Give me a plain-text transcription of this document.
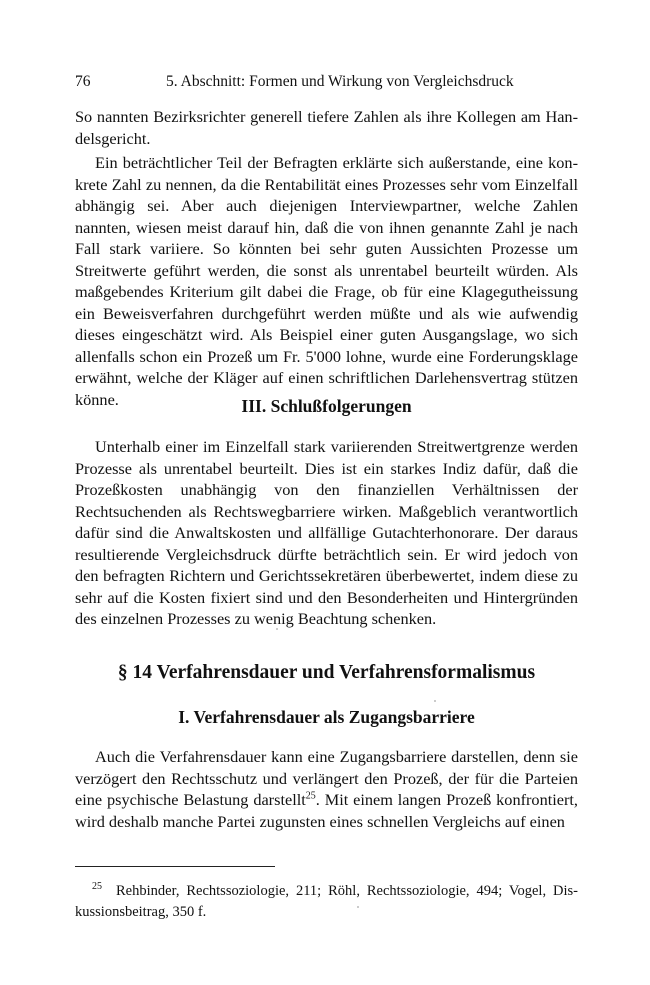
76	5. Abschnitt: Formen und Wirkung von Vergleichsdruck

So nannten Bezirksrichter generell tiefere Zahlen als ihre Kollegen am Handelsgericht.

Ein beträchtlicher Teil der Befragten erklärte sich außerstande, eine konkrete Zahl zu nennen, da die Rentabilität eines Prozesses sehr vom Einzelfall abhängig sei. Aber auch diejenigen Interviewpartner, welche Zahlen nannten, wiesen meist darauf hin, daß die von ihnen genannte Zahl je nach Fall stark variiere. So könnten bei sehr guten Aussichten Prozesse um Streitwerte geführt werden, die sonst als unrentabel beurteilt würden. Als maßgebendes Kriterium gilt dabei die Frage, ob für eine Klagegutheissung ein Beweisverfahren durchgeführt werden müßte und als wie aufwendig dieses eingeschätzt wird. Als Beispiel einer guten Ausgangslage, wo sich allenfalls schon ein Prozeß um Fr. 5'000 lohne, wurde eine Forderungsklage erwähnt, welche der Kläger auf einen schriftlichen Darlehensvertrag stützen könne.	III. Schlußfolgerungen

Unterhalb einer im Einzelfall stark variierenden Streitwertgrenze werden Prozesse als unrentabel beurteilt. Dies ist ein starkes Indiz dafür, daß die Prozeßkosten unabhängig von den finanziellen Verhältnissen der Rechtsuchenden als Rechtswegbarriere wirken. Maßgeblich verantwortlich dafür sind die Anwaltskosten und allfällige Gutachterhonorare. Der daraus resultierende Vergleichsdruck dürfte beträchtlich sein. Er wird jedoch von den befragten Richtern und Gerichtssekretären überbewertet, indem diese zu sehr auf die Kosten fixiert sind und den Besonderheiten und Hintergründen des einzelnen Prozesses zu wenig Beachtung schenken.

§ 14 Verfahrensdauer und Verfahrensformalismus
I. Verfahrensdauer als Zugangsbarriere

Auch die Verfahrensdauer kann eine Zugangsbarriere darstellen, denn sie verzögert den Rechtsschutz und verlängert den Prozeß, der für die Parteien eine psychische Belastung darstellt$^{25}$. Mit einem langen Prozeß konfrontiert, wird deshalb manche Partei zugunsten eines schnellen Vergleichs auf einen

$^{25}$ Rehbinder, Rechtssoziologie, 211; Röhl, Rechtssoziologie, 494; Vogel, Diskussionsbeitrag, 350 f.
